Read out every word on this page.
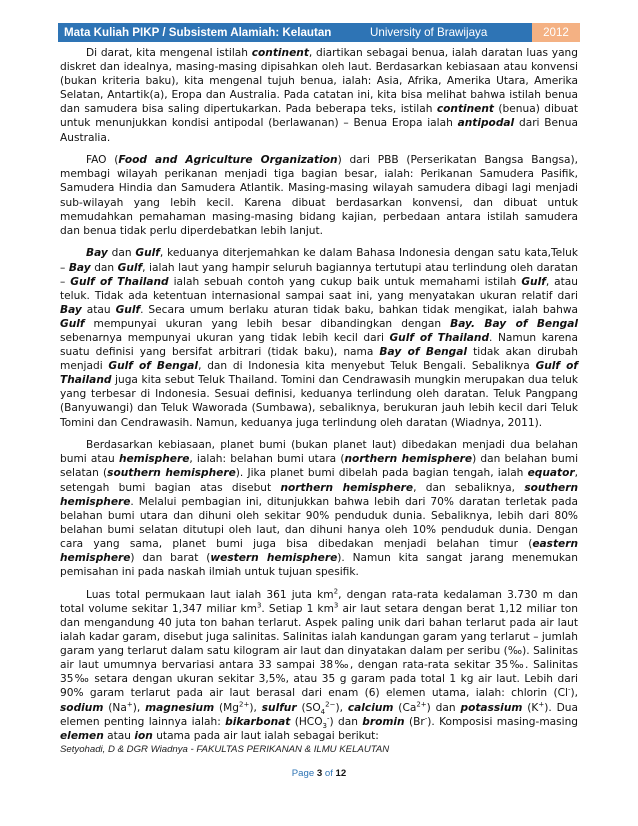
Mata Kuliah PIKP / Subsistem Alamiah: Kelautan	University of Brawijaya	2012

Di darat, kita mengenal istilah continent, diartikan sebagai benua, ialah daratan luas yang diskret dan idealnya, masing-masing dipisahkan oleh laut. Berdasarkan kebiasaan atau konvensi (bukan kriteria baku), kita mengenal tujuh benua, ialah: Asia, Afrika, Amerika Utara, Amerika Selatan, Antartik(a), Eropa dan Australia. Pada catatan ini, kita bisa melihat bahwa istilah benua dan samudera bisa saling dipertukarkan. Pada beberapa teks, istilah continent (benua) dibuat untuk menunjukkan kondisi antipodal (berlawanan) – Benua Eropa ialah antipodal dari Benua Australia.

FAO (Food and Agriculture Organization) dari PBB (Perserikatan Bangsa Bangsa), membagi wilayah perikanan menjadi tiga bagian besar, ialah: Perikanan Samudera Pasifik, Samudera Hindia dan Samudera Atlantik. Masing-masing wilayah samudera dibagi lagi menjadi sub-wilayah yang lebih kecil. Karena dibuat berdasarkan konvensi, dan dibuat untuk memudahkan pemahaman masing-masing bidang kajian, perbedaan antara istilah samudera dan benua tidak perlu diperdebatkan lebih lanjut.

Bay dan Gulf, keduanya diterjemahkan ke dalam Bahasa Indonesia dengan satu kata,Teluk – Bay dan Gulf, ialah laut yang hampir seluruh bagiannya tertutupi atau terlindung oleh daratan – Gulf of Thailand ialah sebuah contoh yang cukup baik untuk memahami istilah Gulf, atau teluk. Tidak ada ketentuan internasional sampai saat ini, yang menyatakan ukuran relatif dari Bay atau Gulf. Secara umum berlaku aturan tidak baku, bahkan tidak mengikat, ialah bahwa Gulf mempunyai ukuran yang lebih besar dibandingkan dengan Bay. Bay of Bengal sebenarnya mempunyai ukuran yang tidak lebih kecil dari Gulf of Thailand. Namun karena suatu definisi yang bersifat arbitrari (tidak baku), nama Bay of Bengal tidak akan dirubah menjadi Gulf of Bengal, dan di Indonesia kita menyebut Teluk Bengali. Sebaliknya Gulf of Thailand juga kita sebut Teluk Thailand. Tomini dan Cendrawasih mungkin merupakan dua teluk yang terbesar di Indonesia. Sesuai definisi, keduanya terlindung oleh daratan. Teluk Pangpang (Banyuwangi) dan Teluk Waworada (Sumbawa), sebaliknya, berukuran jauh lebih kecil dari Teluk Tomini dan Cendrawasih. Namun, keduanya juga terlindung oleh daratan (Wiadnya, 2011).

Berdasarkan kebiasaan, planet bumi (bukan planet laut) dibedakan menjadi dua belahan bumi atau hemisphere, ialah: belahan bumi utara (northern hemisphere) dan belahan bumi selatan (southern hemisphere). Jika planet bumi dibelah pada bagian tengah, ialah equator, setengah bumi bagian atas disebut northern hemisphere, dan sebaliknya, southern hemisphere. Melalui pembagian ini, ditunjukkan bahwa lebih dari 70% daratan terletak pada belahan bumi utara dan dihuni oleh sekitar 90% penduduk dunia. Sebaliknya, lebih dari 80% belahan bumi selatan ditutupi oleh laut, dan dihuni hanya oleh 10% penduduk dunia. Dengan cara yang sama, planet bumi juga bisa dibedakan menjadi belahan timur (eastern hemisphere) dan barat (western hemisphere). Namun kita sangat jarang menemukan pemisahan ini pada naskah ilmiah untuk tujuan spesifik.

Luas total permukaan laut ialah 361 juta $km^2$, dengan rata-rata kedalaman 3.730 m dan total volume sekitar 1,347 miliar $km^3$. Setiap 1 $km^3$ air laut setara dengan berat 1,12 miliar ton dan mengandung 40 juta ton bahan terlarut. Aspek paling unik dari bahan terlarut pada air laut ialah kadar garam, disebut juga salinitas. Salinitas ialah kandungan garam yang terlarut – jumlah garam yang terlarut dalam satu kilogram air laut dan dinyatakan dalam per seribu (‰). Salinitas air laut umumnya bervariasi antara 33 sampai 38‰, dengan rata-rata sekitar 35‰. Salinitas 35‰ setara dengan ukuran sekitar 3,5%, atau 35 g garam pada total 1 kg air laut. Lebih dari 90% garam terlarut pada air laut berasal dari enam (6) elemen utama, ialah: chlorin (Cl-), sodium (Na+), magnesium $(Mg^{2+})$, sulfur $(SO_4^{2-})$, calcium $(Ca^{2+})$ dan potassium (K+). Dua elemen penting lainnya ialah: bikarbonat $(HCO_3^-)$ dan bromin (Br-). Komposisi masing-masing elemen atau ion utama pada air laut ialah sebagai berikut:

Setyohadi, D & DGR Wiadnya - FAKULTAS PERIKANAN & ILMU KELAUTAN
Page 3 of 12
